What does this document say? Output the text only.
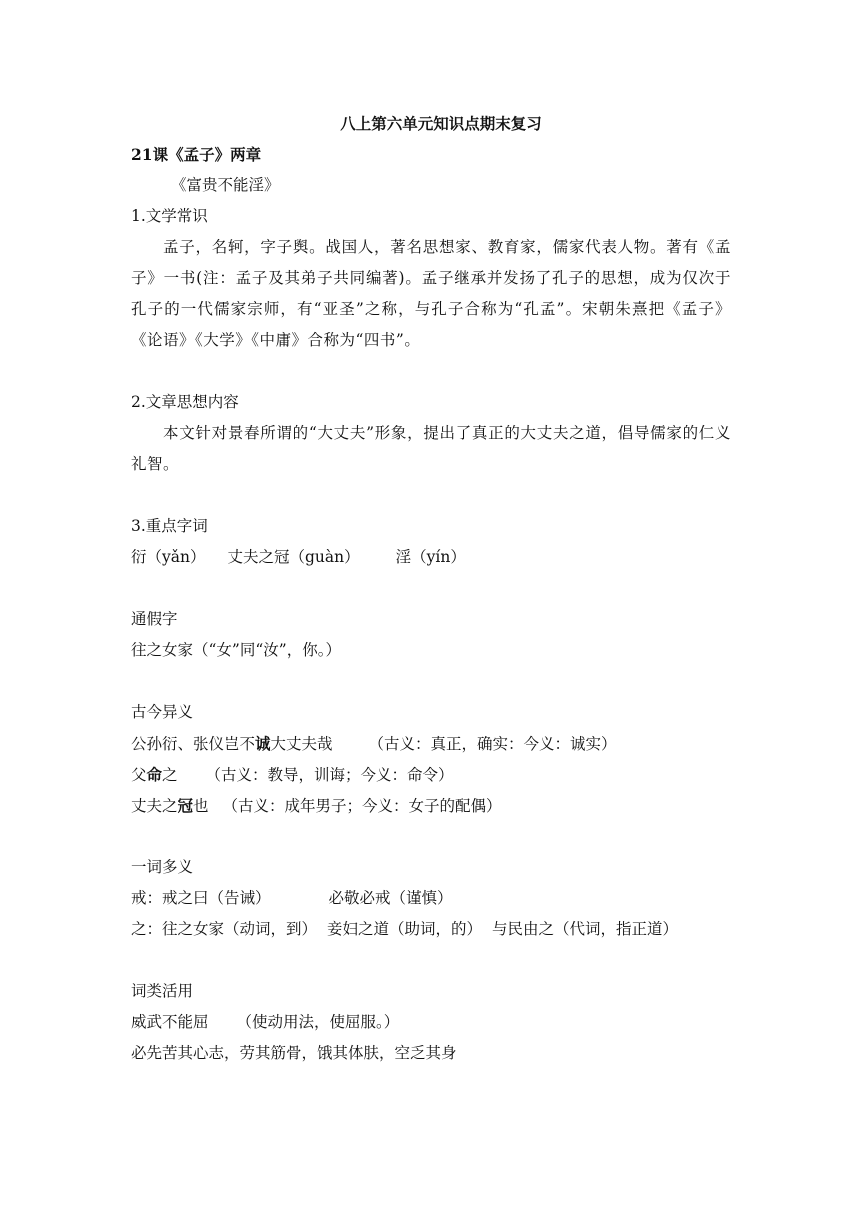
八上第六单元知识点期末复习
21课《孟子》两章
《富贵不能淫》
1.文学常识
孟子，名轲，字子舆。战国人，著名思想家、教育家，儒家代表人物。著有《孟子》一书(注：孟子及其弟子共同编著)。孟子继承并发扬了孔子的思想，成为仅次于孔子的一代儒家宗师，有“亚圣”之称，与孔子合称为“孔孟”。宋朝朱熹把《孟子》《论语》《大学》《中庸》合称为“四书”。
2.文章思想内容
本文针对景春所谓的“大丈夫”形象，提出了真正的大丈夫之道，倡导儒家的仁义礼智。
3.重点字词
衍（yǎn） 丈夫之冠（guàn） 淫（yín）
通假字
往之女家（“女”同“汝”，你。）
古今异义
公孙衍、张仪岂不诚大丈夫哉 （古义：真正，确实：今义：诚实）
父命之 （古义：教导，训诲；今义：命令）
丈夫之冠也 （古义：成年男子；今义：女子的配偶）
一词多义
戒：戒之曰（告诫）	必敬必戒（谨慎）
之：往之女家（动词，到） 妾妇之道（助词，的） 与民由之（代词，指正道）
词类活用
威武不能屈 （使动用法，使屈服。）
必先苦其心志，劳其筋骨，饿其体肤，空乏其身
